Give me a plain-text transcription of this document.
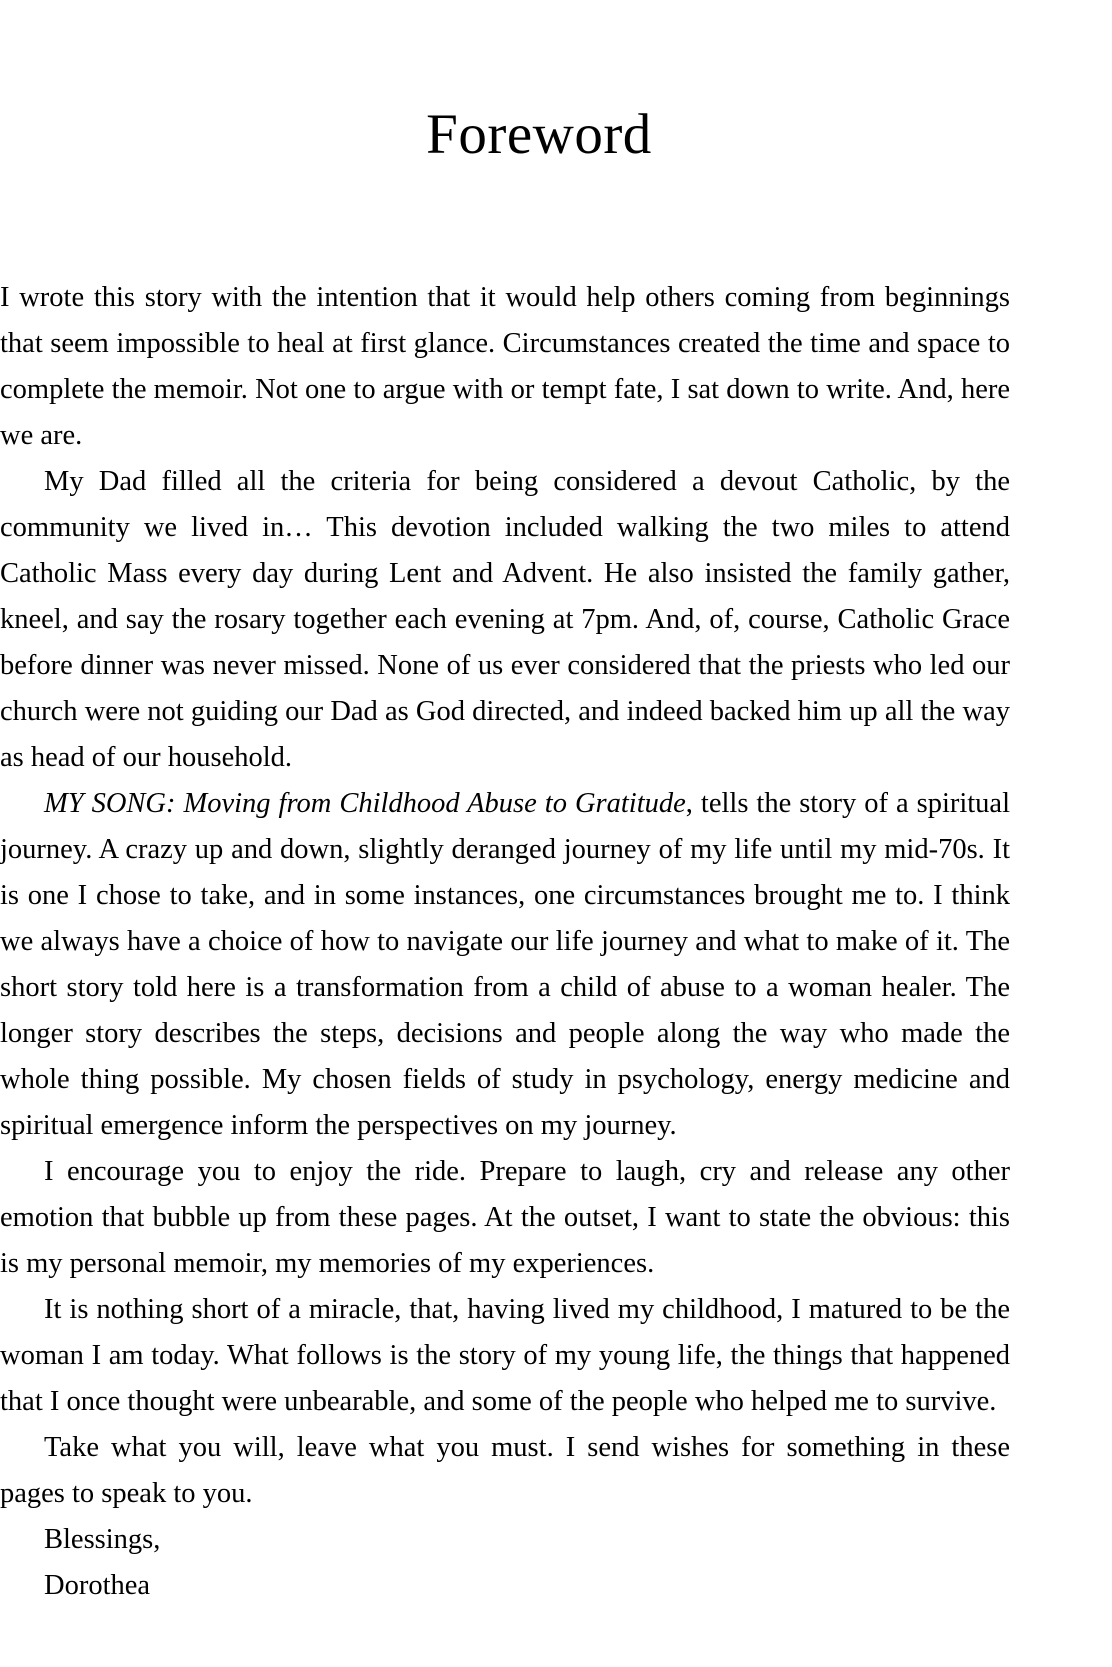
Foreword

I wrote this story with the intention that it would help others coming from beginnings that seem impossible to heal at first glance. Circumstances created the time and space to complete the memoir. Not one to argue with or tempt fate, I sat down to write. And, here we are.

My Dad filled all the criteria for being considered a devout Catholic, by the community we lived in… This devotion included walking the two miles to attend Catholic Mass every day during Lent and Advent. He also insisted the family gather, kneel, and say the rosary together each evening at 7pm. And, of, course, Catholic Grace before dinner was never missed. None of us ever considered that the priests who led our church were not guiding our Dad as God directed, and indeed backed him up all the way as head of our household.

MY SONG: Moving from Childhood Abuse to Gratitude, tells the story of a spiritual journey. A crazy up and down, slightly deranged journey of my life until my mid-70s. It is one I chose to take, and in some instances, one circumstances brought me to. I think we always have a choice of how to navigate our life journey and what to make of it. The short story told here is a transformation from a child of abuse to a woman healer. The longer story describes the steps, decisions and people along the way who made the whole thing possible. My chosen fields of study in psychology, energy medicine and spiritual emergence inform the perspectives on my journey.

I encourage you to enjoy the ride. Prepare to laugh, cry and release any other emotion that bubble up from these pages. At the outset, I want to state the obvious: this is my personal memoir, my memories of my experiences.

It is nothing short of a miracle, that, having lived my childhood, I matured to be the woman I am today. What follows is the story of my young life, the things that happened that I once thought were unbearable, and some of the people who helped me to survive.

Take what you will, leave what you must. I send wishes for something in these pages to speak to you.

Blessings,

Dorothea
